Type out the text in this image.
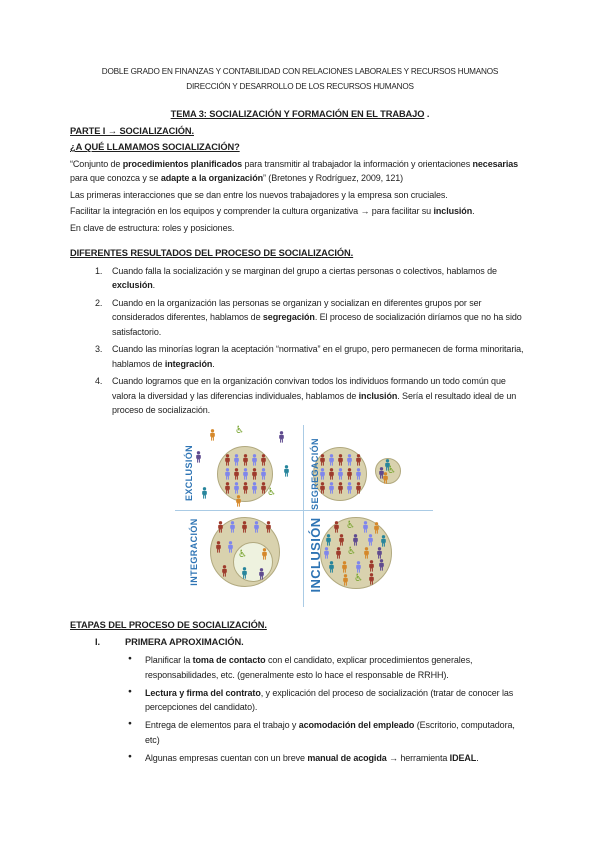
DOBLE GRADO EN FINANZAS Y CONTABILIDAD CON RELACIONES LABORALES Y RECURSOS HUMANOS
DIRECCIÓN Y DESARROLLO DE LOS RECURSOS HUMANOS
TEMA 3: SOCIALIZACIÓN Y FORMACIÓN EN EL TRABAJO .
PARTE I → SOCIALIZACIÓN.
¿A QUÉ LLAMAMOS SOCIALIZACIÓN?
“Conjunto de procedimientos planificados para transmitir al trabajador la información y orientaciones necesarias para que conozca y se adapte a la organización” (Bretones y Rodríguez, 2009, 121)
Las primeras interacciones que se dan entre los nuevos trabajadores y la empresa son cruciales.
Facilitar la integración en los equipos y comprender la cultura organizativa → para facilitar su inclusión.
En clave de estructura: roles y posiciones.
DIFERENTES RESULTADOS DEL PROCESO DE SOCIALIZACIÓN.
1. Cuando falla la socialización y se marginan del grupo a ciertas personas o colectivos, hablamos de exclusión.
2. Cuando en la organización las personas se organizan y socializan en diferentes grupos por ser considerados diferentes, hablamos de segregación. El proceso de socialización diríamos que no ha sido satisfactorio.
3. Cuando las minorías logran la aceptación “normativa” en el grupo, pero permanecen de forma minoritaria, hablamos de integración.
4. Cuando logramos que en la organización convivan todos los individuos formando un todo común que valora la diversidad y las diferencias individuales, hablamos de inclusión. Sería el resultado ideal de un proceso de socialización.
EXCLUSIÓN
♿
♿	SEGREGACIÓN	♿
INTEGRACIÓN	♿	INCLUSIÓN ♿
♿
♿
ETAPAS DEL PROCESO DE SOCIALIZACIÓN.
I.	PRIMERA APROXIMACIÓN.
● Planificar la toma de contacto con el candidato, explicar procedimientos generales, responsabilidades, etc. (generalmente esto lo hace el responsable de RRHH).
● Lectura y firma del contrato, y explicación del proceso de socialización (tratar de conocer las percepciones del candidato).
● Entrega de elementos para el trabajo y acomodación del empleado (Escritorio, computadora, etc)
● Algunas empresas cuentan con un breve manual de acogida → herramienta IDEAL.
